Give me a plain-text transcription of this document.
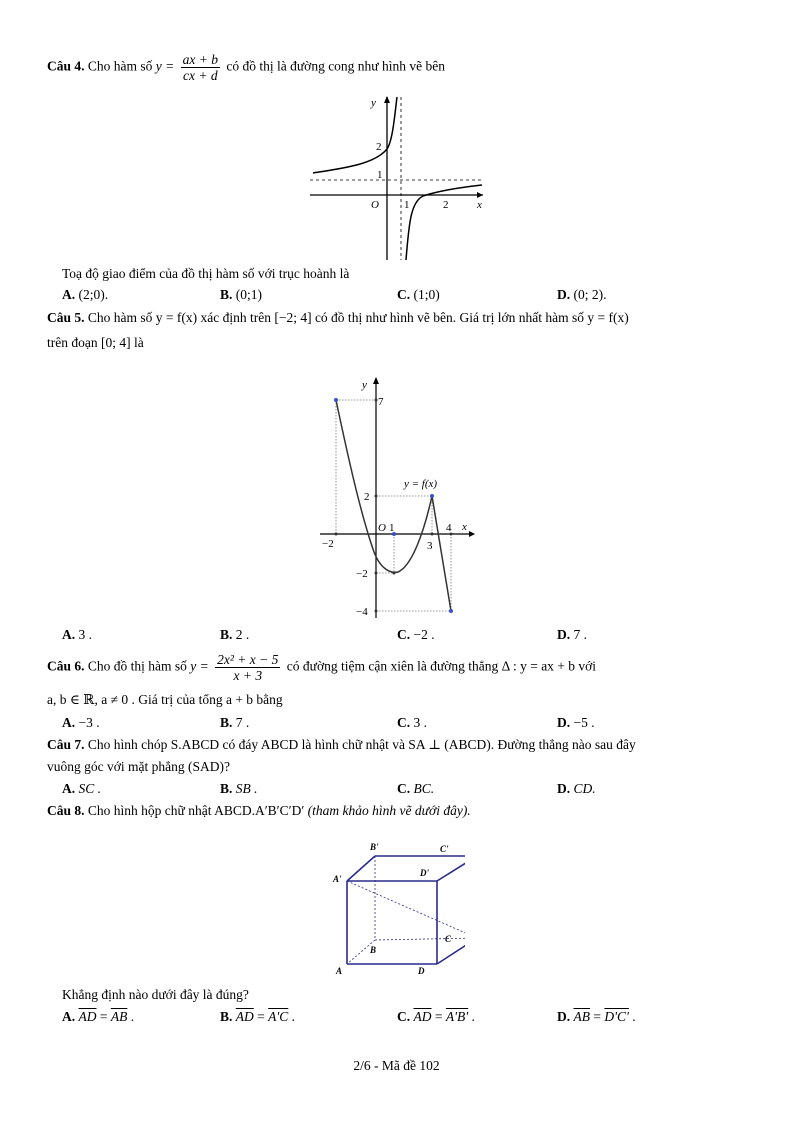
Câu 4. Cho hàm số $y = \frac{ax + b}{cx + d}$ có đồ thị là đường cong như hình vẽ bên
y
x
O
2
1
1	2
Toạ độ giao điểm của đồ thị hàm số với trục hoành là
A. (2;0).	B. (0;1)	C. (1;0)	D. (0; 2).
Câu 5. Cho hàm số y = f(x) xác định trên [−2; 4] có đồ thị như hình vẽ bên. Giá trị lớn nhất hàm số y = f(x)
trên đoạn [0; 4] là
y
x
7
2
−2
−4
−2
O 1
3
4
y = f(x)
A. 3 .	B. 2 .	C. −2 .	D. 7 .
Câu 6. Cho đồ thị hàm số $y = \frac{\text{2x² + x − 5}}{x + 3}$ có đường tiệm cận xiên là đường thẳng Δ : y = ax + b với
a, b ∈ ℝ, a ≠ 0 . Giá trị của tổng a + b bằng
A. −3 .	B. 7 .	C. 3 .	D. −5 .
Câu 7. Cho hình chóp S.ABCD có đáy ABCD là hình chữ nhật và SA ⊥ (ABCD). Đường thẳng nào sau đây
vuông góc với mặt phẳng (SAD)?
A. SC .	B. SB .	C. BC.	D. CD.
Câu 8. Cho hình hộp chữ nhật ABCD.A′B′C′D′ (tham khảo hình vẽ dưới đây).
B'	C'
A'
D'
B
C
A	D
Khẳng định nào dưới đây là đúng?
A. $\overline{AD} = \overline{AB}$ .	B. $\overline{AD} = A'C$ .	C. $\overline{AD} = A'B'$ .	D. $\overline{AB} = D'C'$ .
2/6 - Mã đề 102
